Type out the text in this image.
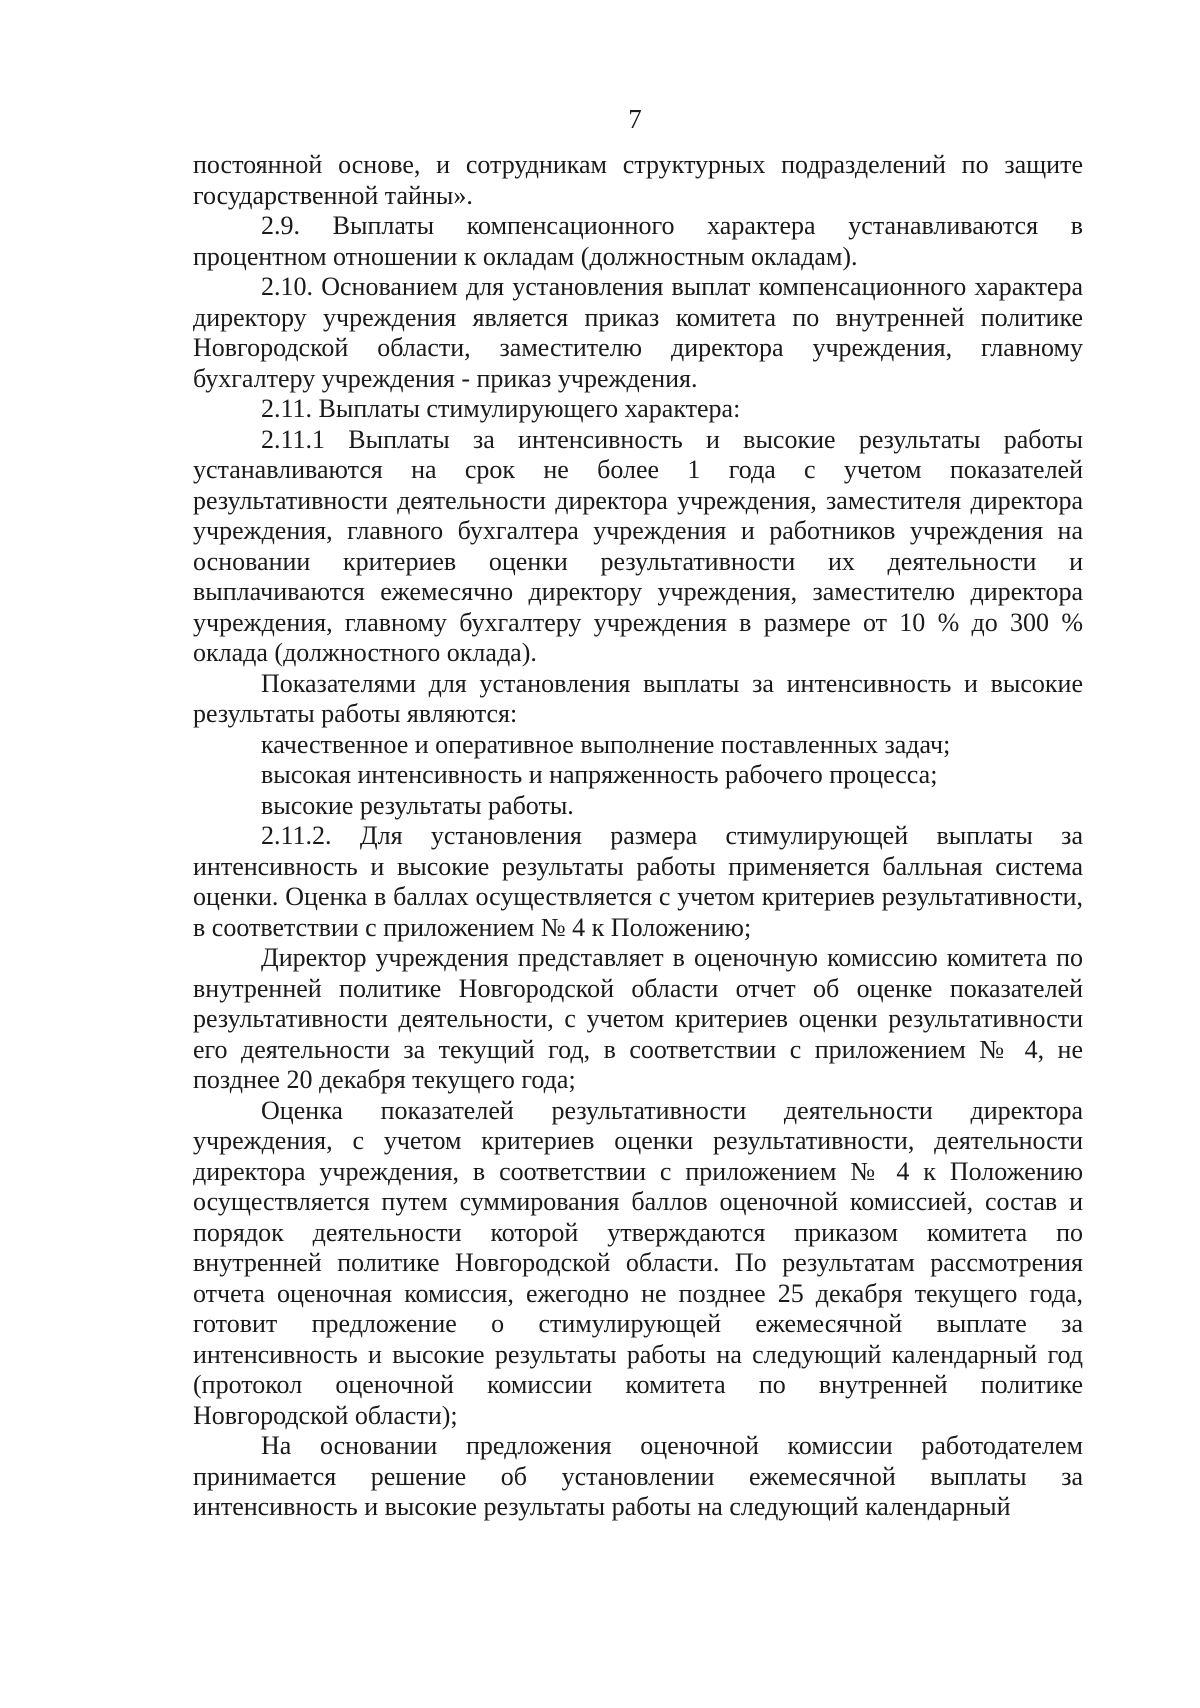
7

постоянной основе, и сотрудникам структурных подразделений по защите государственной тайны».

2.9. Выплаты компенсационного характера устанавливаются в процентном отношении к окладам (должностным окладам).

2.10. Основанием для установления выплат компенсационного характера директору учреждения является приказ комитета по внутренней политике Новгородской области, заместителю директора учреждения, главному бухгалтеру учреждения - приказ учреждения.

2.11. Выплаты стимулирующего характера:

2.11.1 Выплаты за интенсивность и высокие результаты работы устанавливаются на срок не более 1 года с учетом показателей результативности деятельности директора учреждения, заместителя директора учреждения, главного бухгалтера учреждения и работников учреждения на основании критериев оценки результативности их деятельности и выплачиваются ежемесячно директору учреждения, заместителю директора учреждения, главному бухгалтеру учреждения в размере от 10 % до 300 % оклада (должностного оклада).

Показателями для установления выплаты за интенсивность и высокие результаты работы являются:

качественное и оперативное выполнение поставленных задач;

высокая интенсивность и напряженность рабочего процесса;

высокие результаты работы.

2.11.2. Для установления размера стимулирующей выплаты за интенсивность и высокие результаты работы применяется балльная система оценки. Оценка в баллах осуществляется с учетом критериев результативности, в соответствии с приложением № 4 к Положению;

Директор учреждения представляет в оценочную комиссию комитета по внутренней политике Новгородской области отчет об оценке показателей результативности деятельности, с учетом критериев оценки результативности его деятельности за текущий год, в соответствии с приложением № 4, не позднее 20 декабря текущего года;

Оценка показателей результативности деятельности директора учреждения, с учетом критериев оценки результативности, деятельности директора учреждения, в соответствии с приложением № 4 к Положению осуществляется путем суммирования баллов оценочной комиссией, состав и порядок деятельности которой утверждаются приказом комитета по внутренней политике Новгородской области. По результатам рассмотрения отчета оценочная комиссия, ежегодно не позднее 25 декабря текущего года, готовит предложение о стимулирующей ежемесячной выплате за интенсивность и высокие результаты работы на следующий календарный год (протокол оценочной комиссии комитета по внутренней политике Новгородской области);

На основании предложения оценочной комиссии работодателем принимается решение об установлении ежемесячной выплаты за интенсивность и высокие результаты работы на следующий календарный
